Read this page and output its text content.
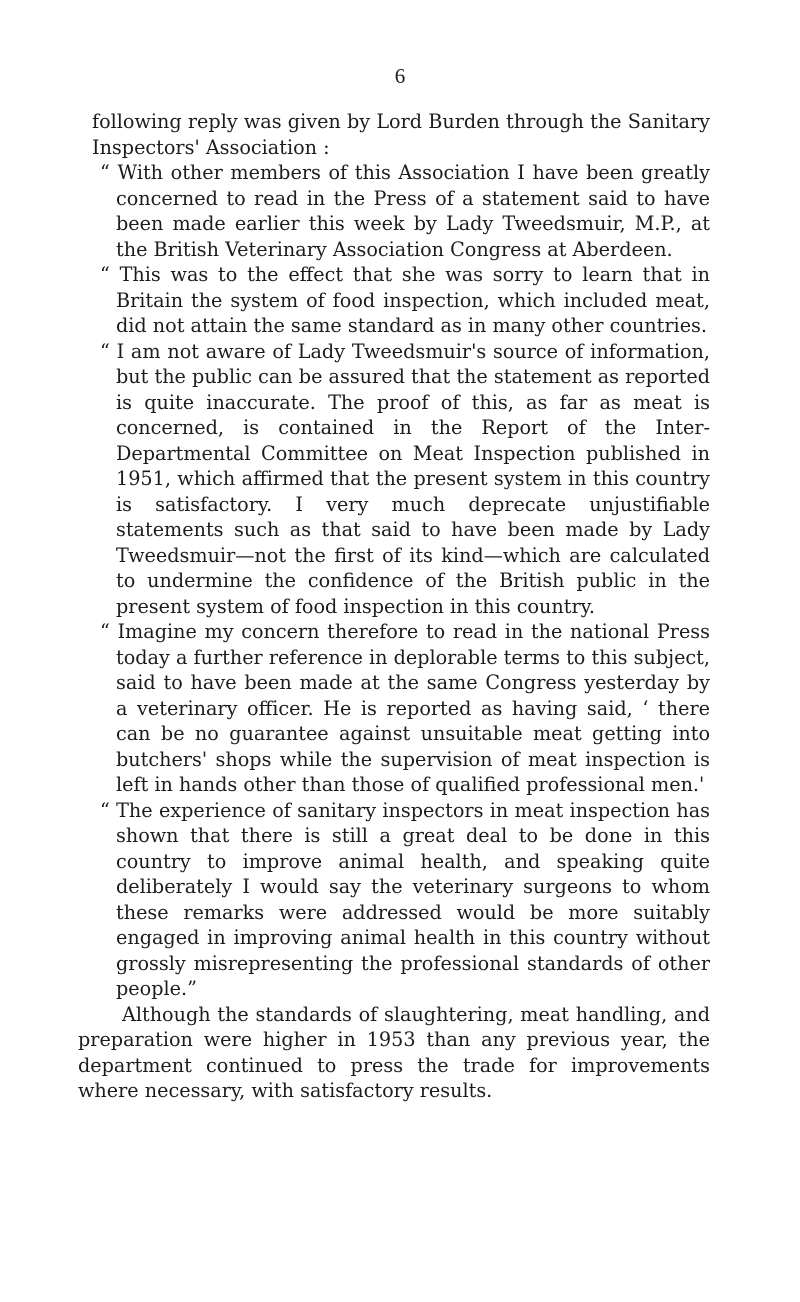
6

following reply was given by Lord Burden through the Sanitary Inspectors' Association :

“ With other members of this Association I have been greatly concerned to read in the Press of a statement said to have been made earlier this week by Lady Tweedsmuir, M.P., at the British Veterinary Association Congress at Aberdeen.

“ This was to the effect that she was sorry to learn that in Britain the system of food inspection, which included meat, did not attain the same standard as in many other countries.

“ I am not aware of Lady Tweedsmuir's source of information, but the public can be assured that the statement as reported is quite inaccurate. The proof of this, as far as meat is concerned, is contained in the Report of the Inter-Departmental Committee on Meat Inspection published in 1951, which affirmed that the present system in this country is satisfactory. I very much deprecate unjustifiable statements such as that said to have been made by Lady Tweedsmuir—not the first of its kind—which are calculated to undermine the confidence of the British public in the present system of food inspection in this country.

“ Imagine my concern therefore to read in the national Press today a further reference in deplorable terms to this subject, said to have been made at the same Congress yesterday by a veterinary officer. He is reported as having said, ‘ there can be no guarantee against unsuitable meat getting into butchers' shops while the supervision of meat inspection is left in hands other than those of qualified professional men.'

“ The experience of sanitary inspectors in meat inspection has shown that there is still a great deal to be done in this country to improve animal health, and speaking quite deliberately I would say the veterinary surgeons to whom these remarks were addressed would be more suitably engaged in improving animal health in this country without grossly misrepresenting the professional standards of other people.”

Although the standards of slaughtering, meat handling, and preparation were higher in 1953 than any previous year, the department continued to press the trade for improvements where necessary, with satisfactory results.
